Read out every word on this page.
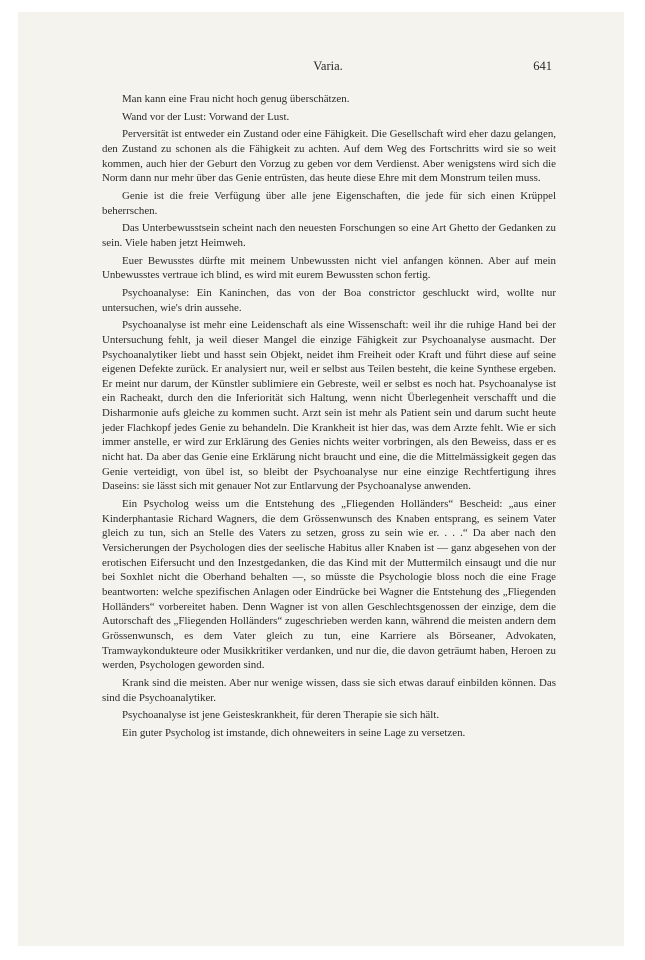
Varia.	641

Man kann eine Frau nicht hoch genug überschätzen.

Wand vor der Lust: Vorwand der Lust.

Perversität ist entweder ein Zustand oder eine Fähigkeit. Die Gesellschaft wird eher dazu gelangen, den Zustand zu schonen als die Fähigkeit zu achten. Auf dem Weg des Fortschritts wird sie so weit kommen, auch hier der Geburt den Vorzug zu geben vor dem Verdienst. Aber wenigstens wird sich die Norm dann nur mehr über das Genie entrüsten, das heute diese Ehre mit dem Monstrum teilen muss.

Genie ist die freie Verfügung über alle jene Eigenschaften, die jede für sich einen Krüppel beherrschen.

Das Unterbewusstsein scheint nach den neuesten Forschungen so eine Art Ghetto der Gedanken zu sein. Viele haben jetzt Heimweh.

Euer Bewusstes dürfte mit meinem Unbewussten nicht viel anfangen können. Aber auf mein Unbewusstes vertraue ich blind, es wird mit eurem Bewussten schon fertig.

Psychoanalyse: Ein Kaninchen, das von der Boa constrictor geschluckt wird, wollte nur untersuchen, wie's drin aussehe.

Psychoanalyse ist mehr eine Leidenschaft als eine Wissenschaft: weil ihr die ruhige Hand bei der Untersuchung fehlt, ja weil dieser Mangel die einzige Fähigkeit zur Psychoanalyse ausmacht. Der Psychoanalytiker liebt und hasst sein Objekt, neidet ihm Freiheit oder Kraft und führt diese auf seine eigenen Defekte zurück. Er analysiert nur, weil er selbst aus Teilen besteht, die keine Synthese ergeben. Er meint nur darum, der Künstler sublimiere ein Gebreste, weil er selbst es noch hat. Psychoanalyse ist ein Racheakt, durch den die Inferiorität sich Haltung, wenn nicht Überlegenheit verschafft und die Disharmonie aufs gleiche zu kommen sucht. Arzt sein ist mehr als Patient sein und darum sucht heute jeder Flachkopf jedes Genie zu behandeln. Die Krankheit ist hier das, was dem Arzte fehlt. Wie er sich immer anstelle, er wird zur Erklärung des Genies nichts weiter vorbringen, als den Beweiss, dass er es nicht hat. Da aber das Genie eine Erklärung nicht braucht und eine, die die Mittelmässigkeit gegen das Genie verteidigt, von übel ist, so bleibt der Psychoanalyse nur eine einzige Rechtfertigung ihres Daseins: sie lässt sich mit genauer Not zur Entlarvung der Psychoanalyse anwenden.

Ein Psycholog weiss um die Entstehung des „Fliegenden Holländers“ Bescheid: „aus einer Kinderphantasie Richard Wagners, die dem Grössenwunsch des Knaben entsprang, es seinem Vater gleich zu tun, sich an Stelle des Vaters zu setzen, gross zu sein wie er. . . .“ Da aber nach den Versicherungen der Psychologen dies der seelische Habitus aller Knaben ist — ganz abgesehen von der erotischen Eifersucht und den Inzestgedanken, die das Kind mit der Muttermilch einsaugt und die nur bei Soxhlet nicht die Oberhand behalten —, so müsste die Psychologie bloss noch die eine Frage beantworten: welche spezifischen Anlagen oder Eindrücke bei Wagner die Entstehung des „Fliegenden Holländers“ vorbereitet haben. Denn Wagner ist von allen Geschlechtsgenossen der einzige, dem die Autorschaft des „Fliegenden Holländers“ zugeschrieben werden kann, während die meisten andern dem Grössenwunsch, es dem Vater gleich zu tun, eine Karriere als Börseaner, Advokaten, Tramwaykondukteure oder Musikkritiker verdanken, und nur die, die davon geträumt haben, Heroen zu werden, Psychologen geworden sind.

Krank sind die meisten. Aber nur wenige wissen, dass sie sich etwas darauf einbilden können. Das sind die Psychoanalytiker.

Psychoanalyse ist jene Geisteskrankheit, für deren Therapie sie sich hält.

Ein guter Psycholog ist imstande, dich ohneweiters in seine Lage zu versetzen.
